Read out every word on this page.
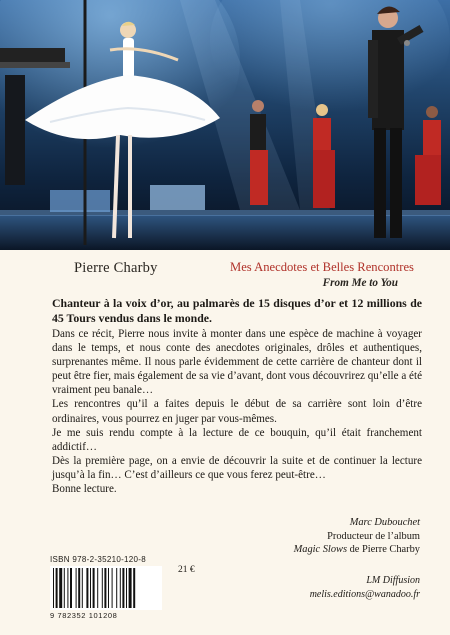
Pierre Charby	Mes Anecdotes et Belles Rencontres
From Me to You

Chanteur à la voix d’or, au palmarès de 15 disques d’or et 12 millions de 45 Tours vendus dans le monde.

Dans ce récit, Pierre nous invite à monter dans une espèce de machine à voyager dans le temps, et nous conte des anecdotes originales, drôles et authentiques, surprenantes même. Il nous parle évidemment de cette carrière de chanteur dont il peut être fier, mais également de sa vie d’avant, dont vous découvrirez qu’elle a été vraiment peu banale…

Les rencontres qu’il a faites depuis le début de sa carrière sont loin d’être ordinaires, vous pourrez en juger par vous-mêmes.

Je me suis rendu compte à la lecture de ce bouquin, qu’il était franchement addictif…

Dès la première page, on a envie de découvrir la suite et de continuer la lecture jusqu’à la fin… C’est d’ailleurs ce que vous ferez peut-être…

Bonne lecture.

Marc Dubouchet
Producteur de l’album
Magic Slows de Pierre Charby
ISBN 978-2-35210-120-8
9 782352 101208
21 €
LM Diffusion
melis.editions@wanadoo.fr
